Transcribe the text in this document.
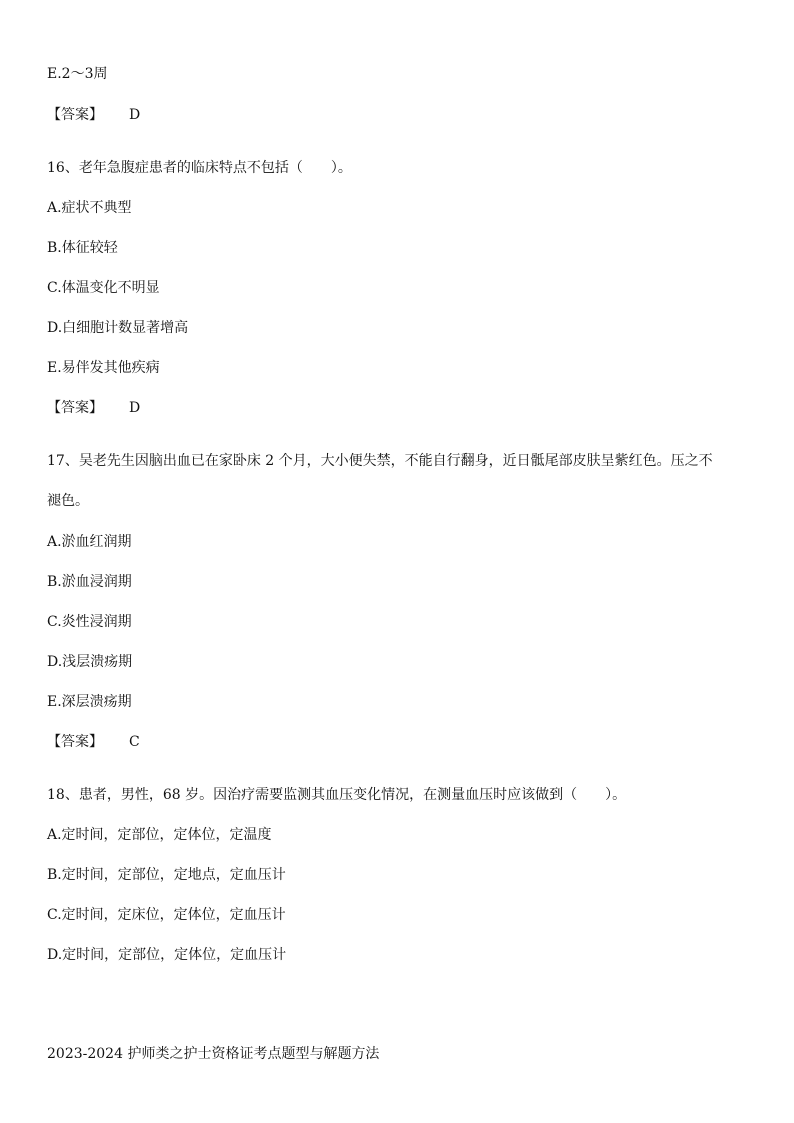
E.2～3周
【答案】 D
16、老年急腹症患者的临床特点不包括（　　）。
A.症状不典型
B.体征较轻
C.体温变化不明显
D.白细胞计数显著增高
E.易伴发其他疾病
【答案】 D
17、吴老先生因脑出血已在家卧床 2 个月，大小便失禁，不能自行翻身，近日骶尾部皮肤呈紫红色。压之不
褪色。
A.淤血红润期
B.淤血浸润期
C.炎性浸润期
D.浅层溃疡期
E.深层溃疡期
【答案】 C
18、患者，男性，68 岁。因治疗需要监测其血压变化情况，在测量血压时应该做到（　　）。
A.定时间，定部位，定体位，定温度
B.定时间，定部位，定地点，定血压计
C.定时间，定床位，定体位，定血压计
D.定时间，定部位，定体位，定血压计
2023-2024 护师类之护士资格证考点题型与解题方法
